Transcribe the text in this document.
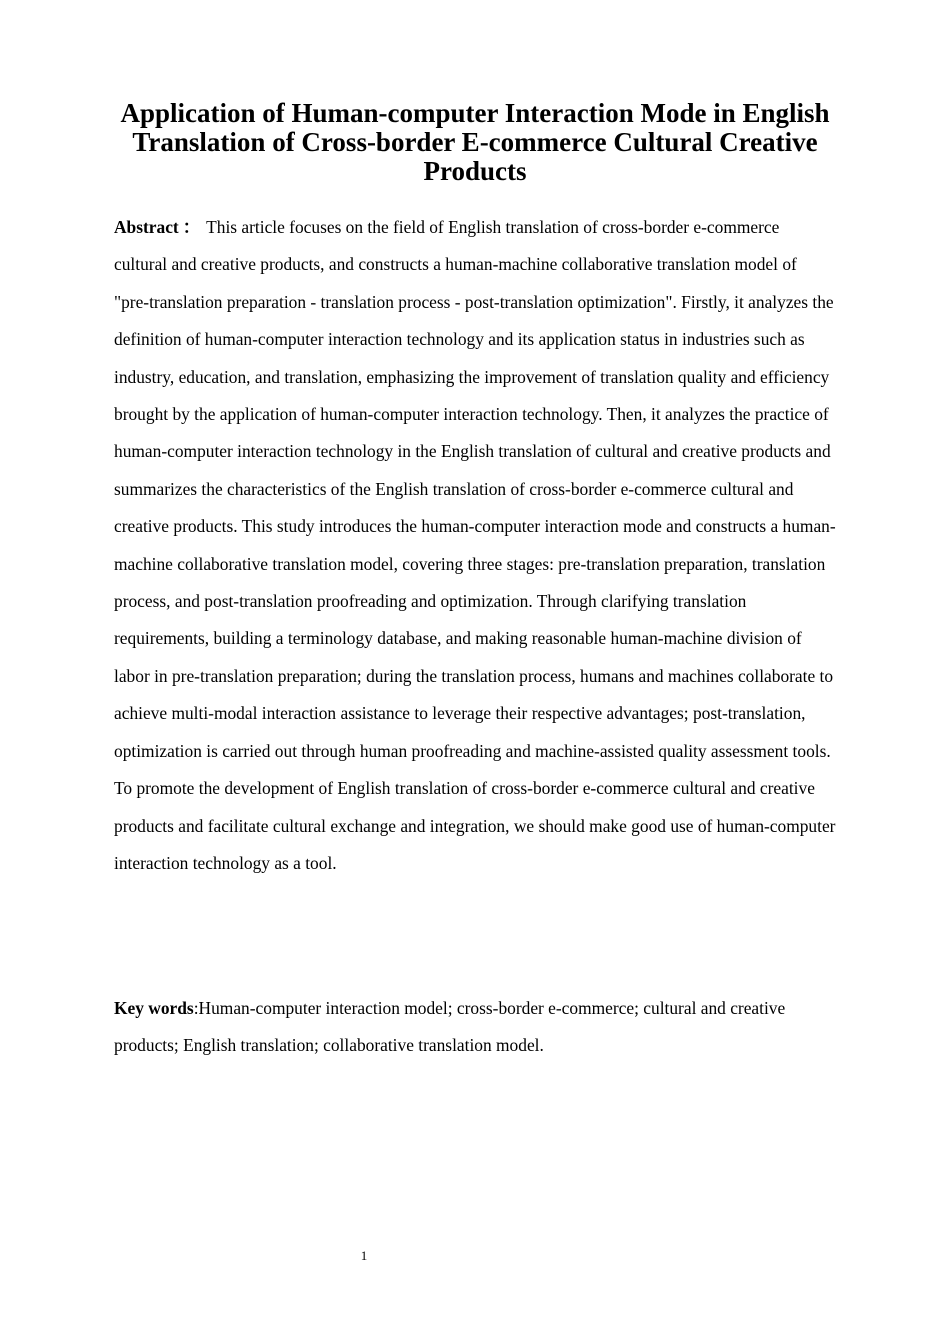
Application of Human-computer Interaction Mode in English Translation of Cross-border E-commerce Cultural Creative Products

Abstract ： This article focuses on the field of English translation of cross-border e-commerce cultural and creative products, and constructs a human-machine collaborative translation model of "pre-translation preparation - translation process - post-translation optimization". Firstly, it analyzes the definition of human-computer interaction technology and its application status in industries such as industry, education, and translation, emphasizing the improvement of translation quality and efficiency brought by the application of human-computer interaction technology. Then, it analyzes the practice of human-computer interaction technology in the English translation of cultural and creative products and summarizes the characteristics of the English translation of cross-border e-commerce cultural and creative products. This study introduces the human-computer interaction mode and constructs a human-machine collaborative translation model, covering three stages: pre-translation preparation, translation process, and post-translation proofreading and optimization. Through clarifying translation requirements, building a terminology database, and making reasonable human-machine division of labor in pre-translation preparation; during the translation process, humans and machines collaborate to achieve multi-modal interaction assistance to leverage their respective advantages; post-translation, optimization is carried out through human proofreading and machine-assisted quality assessment tools. To promote the development of English translation of cross-border e-commerce cultural and creative products and facilitate cultural exchange and integration, we should make good use of human-computer interaction technology as a tool.

Key words:Human-computer interaction model; cross-border e-commerce; cultural and creative products; English translation; collaborative translation model.

1
